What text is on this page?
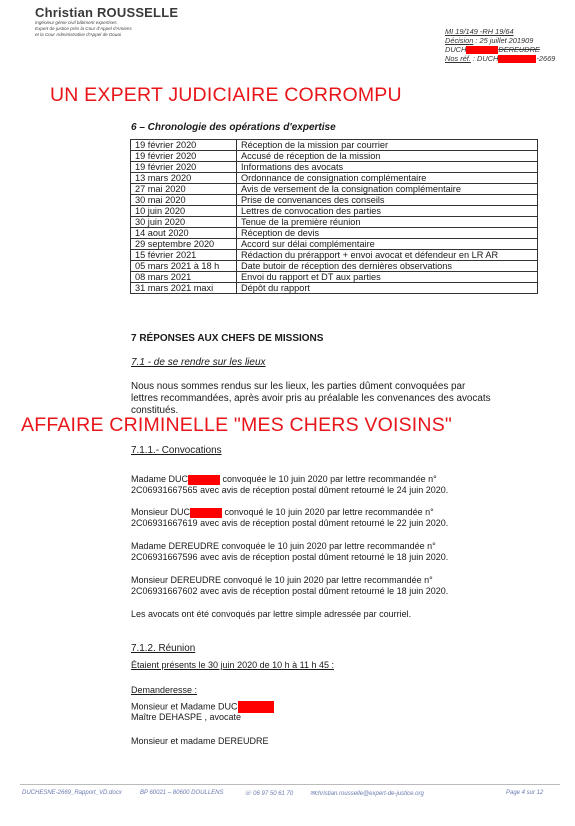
Christian ROUSSELLE
Ingénieur génie civil bâtiment expertises
Expert de justice près la Cour d'Appel d'Amiens
et la Cour Administrative d'Appel de Douai	MI 19/149 -RH 19/64
Décision : 25 juillet 201909
DUCH	DEREUDRE
Nos réf. : DUCH	-2669
UN EXPERT JUDICIAIRE CORROMPU
AFFAIRE CRIMINELLE "MES CHERS VOISINS"
6 – Chronologie des opérations d'expertise
19 février 2020	Réception de la mission par courrier
19 février 2020	Accusé de réception de la mission
19 février 2020	Informations des avocats
13 mars 2020	Ordonnance de consignation complémentaire
27 mai 2020	Avis de versement de la consignation complémentaire
30 mai 2020	Prise de convenances des conseils
10 juin 2020	Lettres de convocation des parties
30 juin 2020	Tenue de la première réunion
14 aout 2020	Réception de devis
29 septembre 2020	Accord sur délai complémentaire
15 février 2021	Rédaction du prérapport + envoi avocat et défendeur en LR AR
05 mars 2021 à 18 h	Date butoir de réception des dernières observations
08 mars 2021	Envoi du rapport et DT aux parties
31 mars 2021 maxi	Dépôt du rapport
7 RÉPONSES AUX CHEFS DE MISSIONS
7.1 - de se rendre sur les lieux
Nous nous sommes rendus sur les lieux, les parties dûment convoquées par
lettres recommandées, après avoir pris au préalable les convenances des avocats
constitués.
7.1.1.- Convocations
Madame DUC	convoquée le 10 juin 2020 par lettre recommandée n°
2C06931667565 avec avis de réception postal dûment retourné le 24 juin 2020.
Monsieur DUC	convoqué le 10 juin 2020 par lettre recommandée n°
2C06931667619 avec avis de réception postal dûment retourné le 22 juin 2020.
Madame DEREUDRE convoquée le 10 juin 2020 par lettre recommandée n°
2C06931667596 avec avis de réception postal dûment retourné le 18 juin 2020.
Monsieur DEREUDRE convoqué le 10 juin 2020 par lettre recommandée n°
2C06931667602 avec avis de réception postal dûment retourné le 18 juin 2020.
Les avocats ont été convoqués par lettre simple adressée par courriel.
7.1.2. Réunion
Étaient présents le 30 juin 2020 de 10 h à 11 h 45 :
Demanderesse :
Monsieur et Madame DUC
Maître DEHASPE , avocate
Monsieur et madame DEREUDRE
DUCHESNE-2669_Rapport_VD.docx	BP 60021 – 80600 DOULLENS	☏ 06 97 50 61 70	✉christian.rousselle@expert-de-justice.org	Page 4 sur 12
